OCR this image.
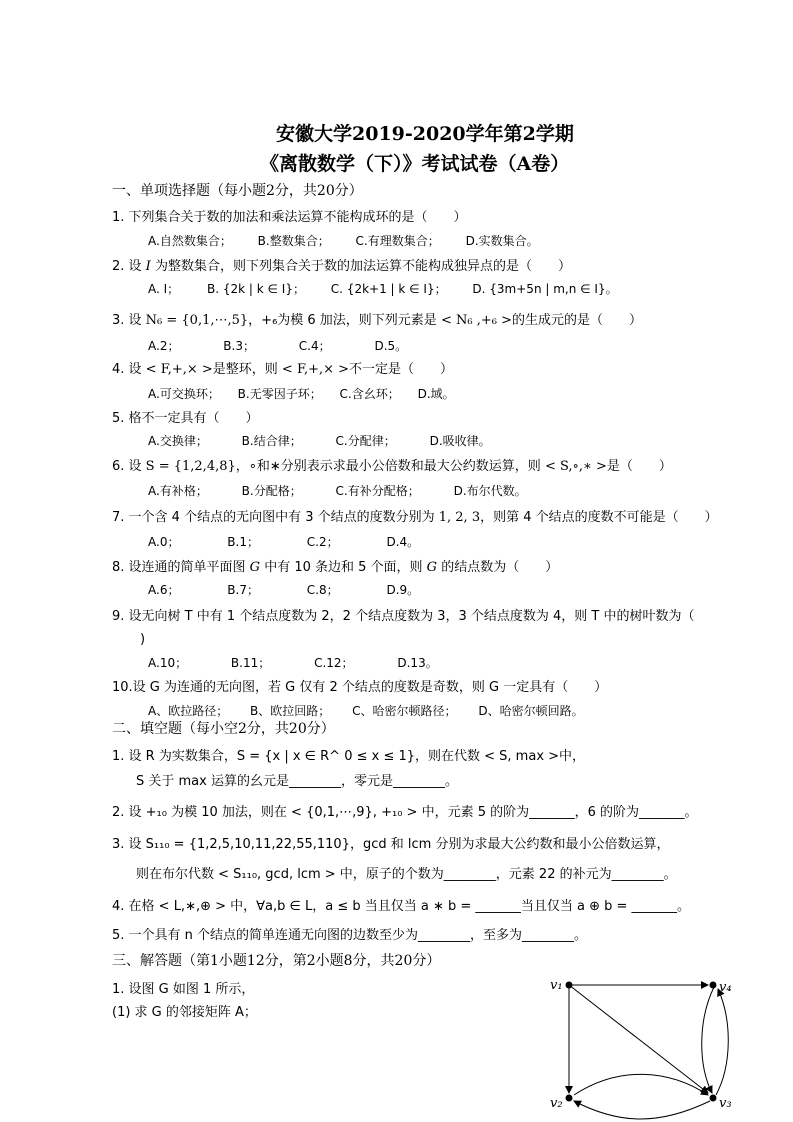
安徽大学2019-2020学年第2学期
《离散数学（下）》考试试卷（A卷）
一、单项选择题（每小题2分，共20分）
1. 下列集合关于数的加法和乘法运算不能构成环的是（　　）
A.自然数集合； B.整数集合； C.有理数集合； D.实数集合。
2. 设 I 为整数集合，则下列集合关于数的加法运算不能构成独异点的是（　　）
A. I； B. {2k | k ∈ I}； C. {2k+1 | k ∈ I}； D. {3m+5n | m,n ∈ I}。
3. 设 N₆ = {0,1,⋯,5}，+₆为模 6 加法，则下列元素是 < N₆ ,+₆ >的生成元的是（　　）
A.2；	B.3；	C.4；	D.5。
4. 设 < F,+,× >是整环，则 < F,+,× >不一定是（　　）
A.可交换环； B.无零因子环； C.含幺环； D.域。
5. 格不一定具有（　　）
A.交换律；	B.结合律；	C.分配律；	D.吸收律。
6. 设 S = {1,2,4,8}，∘和∗分别表示求最小公倍数和最大公约数运算，则 < S,∘,∗ >是（　　）
A.有补格；	B.分配格；	C.有补分配格；	D.布尔代数。
7. 一个含 4 个结点的无向图中有 3 个结点的度数分别为 1, 2, 3，则第 4 个结点的度数不可能是（　　）
A.0；	B.1；	C.2；	D.4。
8. 设连通的简单平面图 G 中有 10 条边和 5 个面，则 G 的结点数为（　　）
A.6；	B.7；	C.8；	D.9。
9. 设无向树 T 中有 1 个结点度数为 2，2 个结点度数为 3，3 个结点度数为 4，则 T 中的树叶数为（
)
A.10；	B.11；	C.12；	D.13。
10.设 G 为连通的无向图，若 G 仅有 2 个结点的度数是奇数，则 G 一定具有（　　）
A、欧拉路径； B、欧拉回路； C、哈密尔顿路径； D、哈密尔顿回路。
二、填空题（每小空2分，共20分）
1. 设 R 为实数集合，S = {x | x ∈ R^ 0 ≤ x ≤ 1}，则在代数 < S, max >中，
S 关于 max 运算的幺元是________，零元是________。
2. 设 +₁₀ 为模 10 加法，则在 < {0,1,⋯,9}, +₁₀ > 中，元素 5 的阶为_______，6 的阶为_______。
3. 设 S₁₁₀ = {1,2,5,10,11,22,55,110}，gcd 和 lcm 分别为求最大公约数和最小公倍数运算，
则在布尔代数 < S₁₁₀, gcd, lcm > 中，原子的个数为________，元素 22 的补元为________。
4. 在格 < L,∗,⊕ > 中，∀a,b ∈ L，a ≤ b 当且仅当 a ∗ b = _______当且仅当 a ⊕ b = _______。
5. 一个具有 n 个结点的简单连通无向图的边数至少为________，至多为________。
三、解答题（第1小题12分，第2小题8分，共20分）
1. 设图 G 如图 1 所示，
(1) 求 G 的邻接矩阵 A；
v₁	v₄
v₂	v₃
